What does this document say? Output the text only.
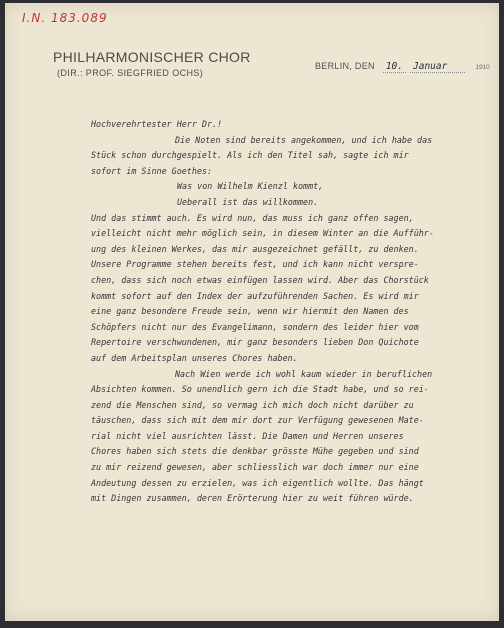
I.N. 183.089
PHILHARMONISCHER CHOR
(DIR.: PROF. SIEGFRIED OCHS)
BERLIN, DEN 10. Januar	1910
Hochverehrtester Herr Dr.!
Die Noten sind bereits angekommen, und ich habe das
Stück schon durchgespielt. Als ich den Titel sah, sagte ich mir
sofort im Sinne Goethes:
Was von Wilhelm Kienzl kommt,
Ueberall ist das willkommen.
Und das stimmt auch. Es wird nun, das muss ich ganz offen sagen,
vielleicht nicht mehr möglich sein, in diesem Winter an die Aufführ-
ung des kleinen Werkes, das mir ausgezeichnet gefällt, zu denken.
Unsere Programme stehen bereits fest, und ich kann nicht verspre-
chen, dass sich noch etwas einfügen lassen wird. Aber das Chorstück
kommt sofort auf den Index der aufzuführenden Sachen. Es wird mir
eine ganz besondere Freude sein, wenn wir hiermit den Namen des
Schöpfers nicht nur des Evangelimann, sondern des leider hier vom
Repertoire verschwundenen, mir ganz besonders lieben Don Quichote
auf dem Arbeitsplan unseres Chores haben.
Nach Wien werde ich wohl kaum wieder in beruflichen
Absichten kommen. So unendlich gern ich die Stadt habe, und so rei-
zend die Menschen sind, so vermag ich mich doch nicht darüber zu
täuschen, dass sich mit dem mir dort zur Verfügung gewesenen Mate-
rial nicht viel ausrichten lässt. Die Damen und Herren unseres
Chores haben sich stets die denkbar grösste Mühe gegeben und sind
zu mir reizend gewesen, aber schliesslich war doch immer nur eine
Andeutung dessen zu erzielen, was ich eigentlich wollte. Das hängt
mit Dingen zusammen, deren Erörterung hier zu weit führen würde.
